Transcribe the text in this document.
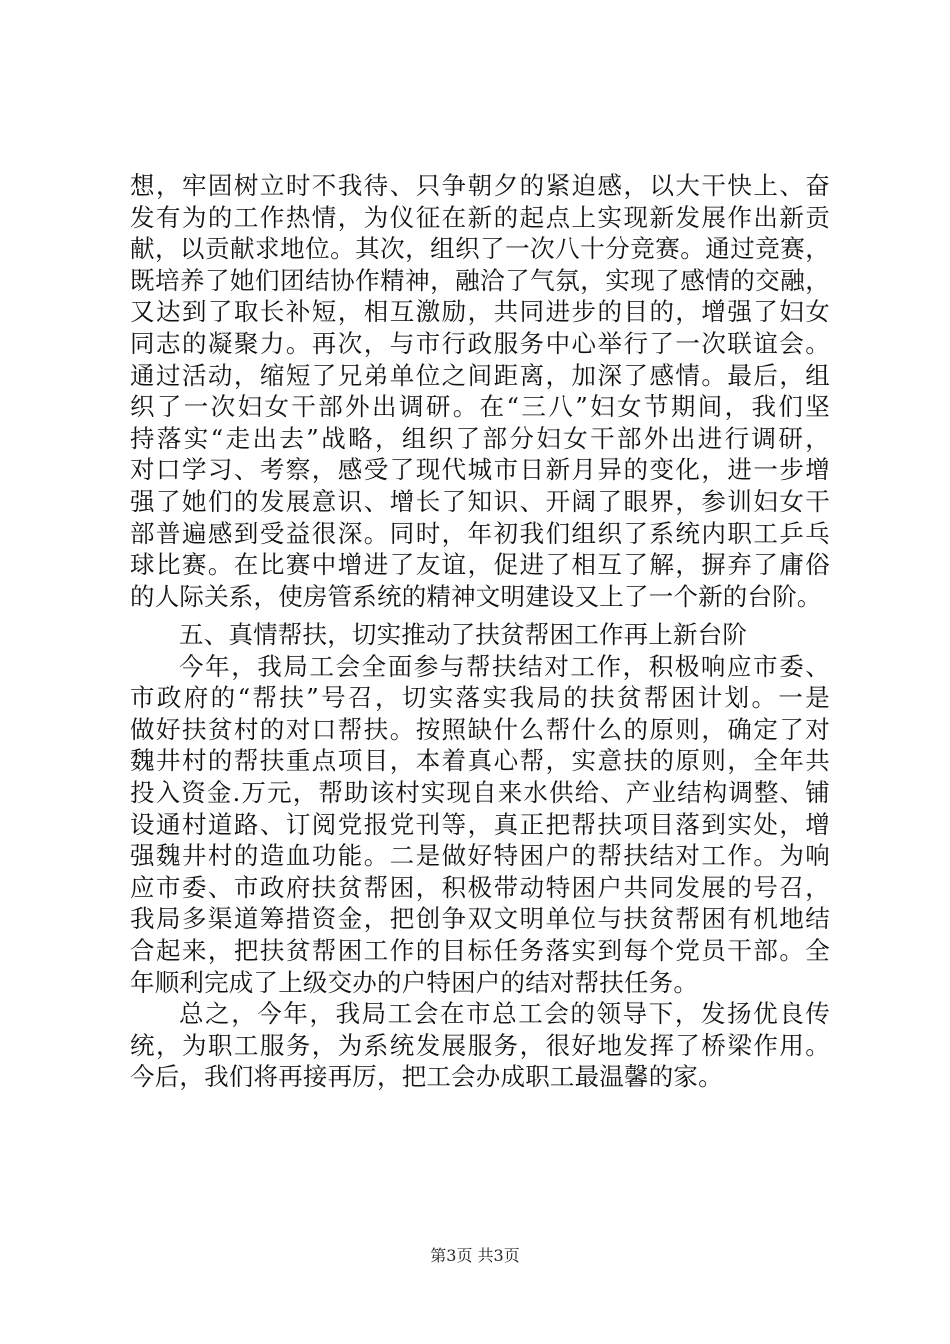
想，牢固树立时不我待、只争朝夕的紧迫感，以大干快上、奋
发有为的工作热情，为仪征在新的起点上实现新发展作出新贡
献，以贡献求地位。其次，组织了一次八十分竞赛。通过竞赛，
既培养了她们团结协作精神，融洽了气氛，实现了感情的交融，
又达到了取长补短，相互激励，共同进步的目的，增强了妇女
同志的凝聚力。再次，与市行政服务中心举行了一次联谊会。
通过活动，缩短了兄弟单位之间距离，加深了感情。最后，组
织了一次妇女干部外出调研。在“三八”妇女节期间，我们坚
持落实“走出去”战略，组织了部分妇女干部外出进行调研，
对口学习、考察，感受了现代城市日新月异的变化，进一步增
强了她们的发展意识、增长了知识、开阔了眼界，参训妇女干
部普遍感到受益很深。同时，年初我们组织了系统内职工乒乓
球比赛。在比赛中增进了友谊，促进了相互了解，摒弃了庸俗
的人际关系，使房管系统的精神文明建设又上了一个新的台阶。
五、真情帮扶，切实推动了扶贫帮困工作再上新台阶
今年，我局工会全面参与帮扶结对工作，积极响应市委、
市政府的“帮扶”号召，切实落实我局的扶贫帮困计划。一是
做好扶贫村的对口帮扶。按照缺什么帮什么的原则，确定了对
魏井村的帮扶重点项目，本着真心帮，实意扶的原则，全年共
投入资金.万元，帮助该村实现自来水供给、产业结构调整、铺
设通村道路、订阅党报党刊等，真正把帮扶项目落到实处，增
强魏井村的造血功能。二是做好特困户的帮扶结对工作。为响
应市委、市政府扶贫帮困，积极带动特困户共同发展的号召，
我局多渠道筹措资金，把创争双文明单位与扶贫帮困有机地结
合起来，把扶贫帮困工作的目标任务落实到每个党员干部。全
年顺利完成了上级交办的户特困户的结对帮扶任务。
总之，今年，我局工会在市总工会的领导下，发扬优良传
统，为职工服务，为系统发展服务，很好地发挥了桥梁作用。
今后，我们将再接再厉，把工会办成职工最温馨的家。
第3页 共3页
